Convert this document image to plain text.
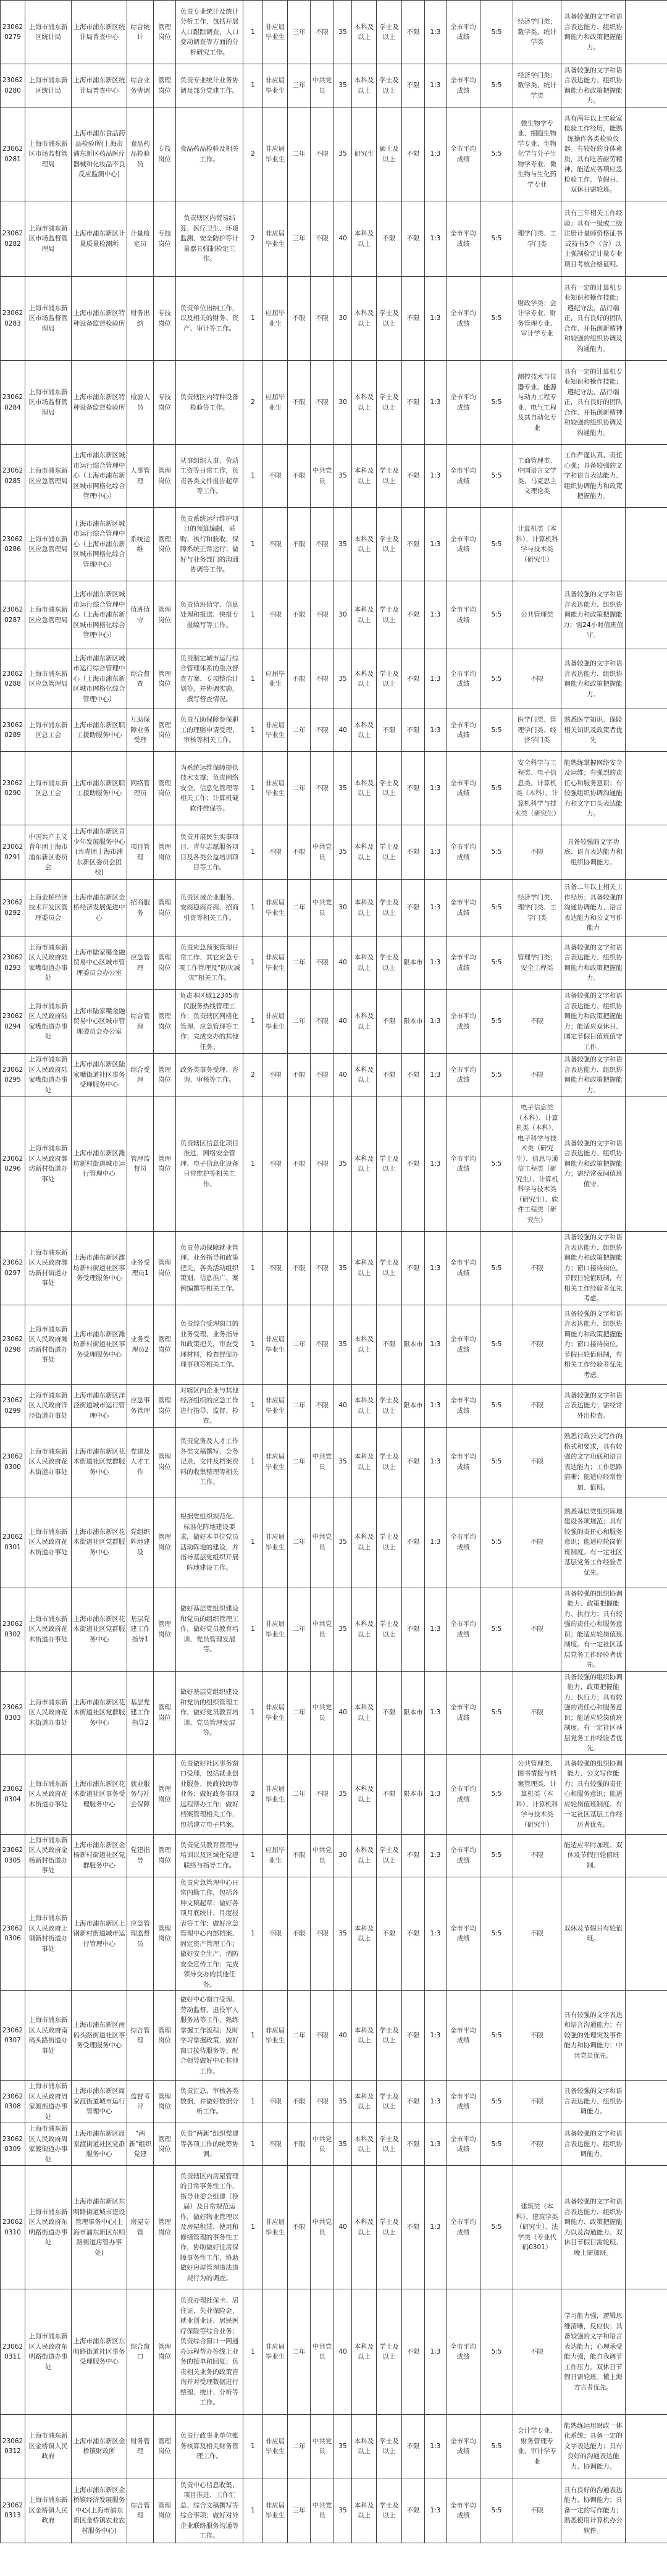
230620279	上海市浦东新区统计局	上海市浦东新区统计局普查中心	综合统计	管理岗位	负责专业统计及统计分析工作，包括开展人口跟踪调查、人口变动调查等方面的分析研究工作。	1	非应届毕业生	三年	不限	35	本科及以上	学士及以上	不限	1:3	全市平均成绩	5:5	经济学门类；数学类、统计学类	具备较强的文字和语言表达能力、组织协调能力和政策把握能力。	
230620280	上海市浦东新区统计局	上海市浦东新区统计局普查中心	综合业务协调	管理岗位	负责专业统计业务协调及部分党建工作。	1	非应届毕业生	三年	中共党员	35	本科及以上	学士及以上	不限	1:3	全市平均成绩	5:5	经济学门类；数学类、统计学类	具备较强的文字和语言表达能力、组织协调能力和政策把握能力。	
230620281	上海市浦东新区市场监督管理局	上海市浦东食品药品检验所(上海市浦东新区药品医疗器械和化妆品不良反应监测中心)	食品药品检验员	专技岗位	食品药品检验及相关工作。	2	非应届毕业生	二年	不限	35	研究生	硕士及以上	不限	1:3	全市平均成绩	5:5	微生物学专业、细胞生物学专业、生物化学与分子生物学专业、微生物与生化药学专业	具有两年以上实验室检验工作经历，能熟练操作各类检验仪器。有较好的身体素质，具有吃苦耐劳精神，能适应各项应急检验工作，节假日、双休日需轮班。	
230620282	上海市浦东新区市场监督管理局	上海市浦东新区计量质量检测所	计量检定员	专技岗位	负责辖区内贸易结算、医疗卫生、环境监测、安全防护等计量器具强制检定工作。	2	非应届毕业生	三年	不限	40	本科及以上	不限	不限	1:3	全市平均成绩	5:5	理学门类、工学门类	具有三年相关工作经验；具有一级或二级注册计量师资格证书或持有5个（含）以上强制检定计量专业项目考核合格证明。	
230620283	上海市浦东新区市场监督管理局	上海市浦东新区特种设备监督检验所	财务出纳	专技岗位	负责单位出纳工作，以及相关的财务、资产、审计等工作。	1	应届毕业生	不限	不限	30	本科及以上	学士及以上	不限	1:3	全市平均成绩	5:5	财政学类；会计学专业、财务管理专业、审计学专业	具有一定的计算机专业知识和操作技能；遵纪守法、品行端正，具有良好的团队合作、开拓创新精神和较强的组织协调及沟通能力。	
230620284	上海市浦东新区市场监督管理局	上海市浦东新区特种设备监督检验所	检验人员	专技岗位	负责辖区内特种设备检验等工作。	2	应届毕业生	不限	不限	30	本科及以上	学士及以上	不限	1:3	全市平均成绩	5:5	测控技术与仪器专业、能源与动力工程专业、电气工程及其自动化专业	具有一定的计算机专业知识和操作技能；遵纪守法、品行端正，具有良好的团队合作、开拓创新精神和较强的组织协调及沟通能力。	
230620285	上海市浦东新区应急管理局	上海市浦东新区城市运行综合管理中心（上海市浦东新区城市网格化综合管理中心）	人事管理	管理岗位	从事组织人事、劳动工资等日常工作，负责各类文件报告起草等工作。	1	不限	不限	中共党员	35	本科及以上	学士及以上	不限	1:3	全市平均成绩	5:5	工商管理类、中国语言文学类、马克思主义理论类	工作严谨认真、责任心强；具备较强的文字和语言表达能力、组织协调能力和政策把握能力。	
230620286	上海市浦东新区应急管理局	上海市浦东新区城市运行综合管理中心（上海市浦东新区城市网格化综合管理中心）	系统运维	管理岗位	负责系统运行维护项目的预算编制、采购、执行和验收；保障系统正常运行；做好与业务部门的沟通协调等工作。	1	不限	不限	不限	35	本科及以上	学士及以上	不限	1:3	全市平均成绩	5:5	计算机类（本科）、计算机科学与技术类（研究生）		
230620287	上海市浦东新区应急管理局	上海市浦东新区城市运行综合管理中心（上海市浦东新区城市网格化综合管理中心）	值班值守	管理岗位	负责值班值守、信息处理和报送、快报专报编写等工作。	1	不限	不限	不限	30	本科及以上	学士及以上	不限	1:3	全市平均成绩	5:5	公共管理类	具备较强的文字和语言表达能力、组织协调能力和政策把握能力；需24小时值班值守。	
230620288	上海市浦东新区应急管理局	上海市浦东新区城市运行综合管理中心（上海市浦东新区城市网格化综合管理中心）	综合督查	管理岗位	负责制定城市运行综合管理体系的重点督查方案、专项整治计划等，并协调实施，撰写督查情况。	1	应届毕业生	不限	不限	35	本科及以上	学士及以上	不限	1:3	全市平均成绩	5:5	不限	具备较强的文字和语言表达能力、组织协调能力和政策把握能力。	
230620289	上海市浦东新区总工会	上海市浦东新区职工援助服务中心	互助保障业务受理	管理岗位	负责互助保障参保职工的理赔申请受理、审核等相关工作。	1	非应届毕业生	二年	不限	40	本科及以上	不限	不限	1:3	全市平均成绩	5:5	医学门类、管理学门类、经济学门类	熟悉医学知识、保险相关知识及政策者优先	
230620290	上海市浦东新区总工会	上海市浦东新区职工援助服务中心	网络管理员	管理岗位	为系统运维保障提供技术支撑；负责网络安全、信息化管理等相关工作；计算机硬软件维保等。	1	非应届毕业生	二年	不限	35	本科及以上	学士及以上	不限	1:3	全市平均成绩	5:5	安全科学与工程类、电子信息类、计算机类（本科）、计算机科学与技术类（研究生）	能熟练掌握网络安全及运维；有强烈的责任心和服务意识；有较强组织协调沟通能力和文字口头表达能力。	
230620291	中国共产主义青年团上海市浦东新区委员会	上海市浦东新区青少年发展服务中心(共青团上海市浦东新区委员会团校)	项目管理	管理岗位	负责开展民生实事项目、青年志愿服务项目及各类公益培训项目等工作。	1	不限	不限	中共党员	35	本科及以上	学士及以上	不限	1:3	全市平均成绩	5:5	不限	具备较强的文字功底、语言表达能力和组织协调能力。	
230620292	上海金桥经济技术开发区管理委员会	上海市浦东新区金桥经济发展促进中心	招商服务	管理岗位	负责区域企业服务、安商稳商育商、招商引资等相关工作。	1	非应届毕业生	二年	中共党员	30	本科及以上	学士及以上	不限	1:3	全市平均成绩	5:5	经济学门类、理学门类、工学门类	具备二年以上相关工作经历；具备较强的沟通协调能力、语言表达能力和公文写作能力	
230620293	上海市浦东新区人民政府陆家嘴街道办事处	上海市陆家嘴金融贸易中心区城市管理委员会办公室	应急管理	管理岗位	负责应急预案管理日常工作、其它应急专项工作管理及“防灾减灾”相关工作。	1	非应届毕业生	二年	不限	40	本科及以上	学士及以上	限本市	1:3	全市平均成绩	5:5	管理学门类；安全工程类	具备较强的文字和语言表达能力、组织协调能力和政策把握能力。	
230620294	上海市浦东新区人民政府陆家嘴街道办事处	上海市陆家嘴金融贸易中心区城市管理委员会办公室	综合管理	管理岗位	负责本区域12345市民服务热线管理工作；负责辖区网格化管理、应急管理等工作；完成交办的其他任务。	1	非应届毕业生	二年	不限	40	本科及以上	不限	限本市	1:3	全市平均成绩	5:5	不限	具备较强的文字和语言表达能力、组织协调能力和政策把握能力；能适应双休日、国定节假日值班值守工作。	
230620295	上海市浦东新区人民政府陆家嘴街道办事处	上海市浦东新区陆家嘴街道社区事务受理服务中心	综合受理	管理岗位	政务类事务受理、咨询、审核等工作。	2	不限	不限	不限	40	本科及以上	不限	不限	1:3	全市平均成绩	5:5	不限	具备较强的文字和语言表达能力、组织协调能力和政策把握能力。	
230620296	上海市浦东新区人民政府潍坊新村街道办事处	上海市浦东新区潍坊新村街道城市运行管理中心	管理监督员	管理岗位	负责辖区信息化项目推进、网络安全管理、电子信息化设备日常维护等相关工作。	1	不限	不限	不限	35	本科及以上	学士及以上	不限	1:3	全市平均成绩	5:5	电子信息类（本科）、计算机类（本科）、电子科学与技术类（研究生）、信息与通信工程类（研究生）、计算机科学与技术类（研究生）、软件工程类（研究生）	具备较强的文字和语言表达能力、组织协调能力和政策把握能力；需经常夜间值班值守。	
230620297	上海市浦东新区人民政府潍坊新村街道办事处	上海市浦东新区潍坊新村街道社区事务受理服务中心	业务受理员1	管理岗位	负责劳动保障就业管理、业务指导和政策把关，各类活动组织策划、信息推广、案例编撰等相关工作。	1	不限	不限	不限	35	本科及以上	学士及以上	不限	1:3	全市平均成绩	5:5	不限	具备较强的文字和语言表达能力、组织协调能力和政策把握能力；窗口接待岗位，节假日轮值班制，有相关工作经验者优先考虑。	
230620298	上海市浦东新区人民政府潍坊新村街道办事处	上海市浦东新区潍坊新村街道社区事务受理服务中心	业务受理员2	管理岗位	负责综合受理窗口的业务受理、业务指导和政策把关，审查受理材料，检查督促办理事项等相关工作。	1	非应届毕业生	二年	不限	35	本科及以上	不限	限本市	1:3	全市平均成绩	5:5	不限	具备较强的文字和语言表达能力、组织协调能力和政策把握能力；窗口接待岗位，节假日轮值班制，有相关工作经验者优先考虑。	
230620299	上海市浦东新区人民政府洋泾街道办事处	上海市浦东新区洋泾街道城市运行管理中心	应急事务管理	管理岗位	对辖区内企业与其他经济组织的应急工作进行指导、监督、检查。	1	非应届毕业生	二年	不限	40	本科及以上	学士及以上	限本市	1:3	全市平均成绩	5:5	不限	具备较强的文字和语言表达能力；需经常外出检查。	
230620300	上海市浦东新区人民政府花木街道办事处	上海市浦东新区花木街道社区党群服务中心	党建及人才工作	管理岗位	负责党务及人才工作各类文稿撰写、会务记录、文件及档案资料的收集整理等相关工作。	1	非应届毕业生	二年	中共党员	35	本科及以上	学士及以上	不限	1:3	全市平均成绩	5:5	不限	熟悉行政公文写作的格式和要求，具有较强的文字功底和语言表达能力；工作思路清晰；能适应经常性加、值班。	
230620301	上海市浦东新区人民政府花木街道办事处	上海市浦东新区花木街道社区党群服务中心	党组织阵地建设	管理岗位	根据党组织规范化、标准化阵地建设要求，做好本单位党员活动阵地的建设，并指导基层党组织开展阵地建设工作。	1	非应届毕业生	二年	中共党员	35	本科及以上	学士及以上	不限	1:3	全市平均成绩	5:5	不限	熟悉基层党组织阵地建设各项规范；具有较强的责任心和服务意识；能适应轮岗值班制度。有一定社区基层党务工作经验者优先。	
230620302	上海市浦东新区人民政府花木街道办事处	上海市浦东新区花木街道社区党群服务中心	基层党建工作指导1	管理岗位	做好基层党组织建设和党员的组织管理工作，做好党员教育培训、党员管理发展等。	1	非应届毕业生	二年	中共党员	35	本科及以上	学士及以上	不限	1:3	全市平均成绩	5:5	不限	具备较强的组织协调能力、政策把握能力、执行力；具有较强的责任心和服务意识；能适应轮岗值班制度。有一定社区基层党务工作经验者优先。	
230620303	上海市浦东新区人民政府花木街道办事处	上海市浦东新区花木街道社区党群服务中心	基层党建工作指导2	管理岗位	做好基层党组织建设和党员的组织管理工作，做好党员教育培训、党员管理发展等。	1	非应届毕业生	二年	中共党员	40	本科及以上	不限	限本市	1:3	全市平均成绩	5:5	不限	具备较强的组织协调能力、政策把握能力、执行力；具有较强的责任心和服务意识；能适应轮岗值班制度。有一定社区基层党务工作经验者优先。	
230620304	上海市浦东新区人民政府花木街道办事处	上海市浦东新区花木街道社区事务受理服务中心	就业服务与社会保障	管理岗位	负责做好社区事务窗口受理，包括就业创业服务、民政救助等业务；做好政务事项远程帮办工作；做好档案管理相关工作，包括建立电子档案。	2	非应届毕业生	二年	不限	35	本科及以上	不限	限本市	1:3	全市平均成绩	5:5	公共管理类、图书情报与档案管理类、计算机类（本科）、计算机科学与技术类（研究生）	具备较强的组织协调能力、公文写作能力；具有较强的责任心和服务意识；能适应轮岗值班制度。有一定社区基层工作经历者优先。	
230620305	上海市浦东新区人民政府金杨新村街道办事处	上海市浦东新区金杨新村街道社区党群服务中心	党建指导	管理岗位	负责党员教育管理与培训以及区域化党建联络与指导工作。	1	应届毕业生	不限	中共党员	30	本科及以上	学士及以上	不限	1:3	全市平均成绩	5:5	不限	能适应平时加班、双休及节假日轮值班制。	
230620306	上海市浦东新区人民政府上钢新村街道办事处	上海市浦东新区上钢新村街道城市运行管理中心	应急管理监督员	管理岗位	负责应急管理中心日常内勤工作，包括各种文稿起草；做好各项月底统计、月度报表等工作；做好应急管理中心内部档案、固定资产管理工作；做好安全生产、消防安全宣传工作；完成领导交办的其他任务。	1	不限	不限	不限	35	本科及以上	不限	不限	1:3	全市平均成绩	5:5	不限	双休及节假日有轮值班。	
230620307	上海市浦东新区人民政府南码头路街道办事处	上海市浦东新区南码头路街道社区事务受理服务中心	综合管理	管理岗位	做好中心窗口受理、劳动监督、退役军人服务站等工作，熟练掌握工作流程；及时学习掌握政策，做好窗口接待服务等；配合领导做好中心其他工作。	1	非应届毕业生	二年	不限	40	本科及以上	学士及以上	不限	1:3	全市平均成绩	5:5	不限	具有较强的文字表达和语言沟通能力；有较强的处理突发事件能力和协调能力；中共党员优先。	
230620308	上海市浦东新区人民政府周家渡街道办事处	上海市浦东新区周家渡街道城市运行管理中心	监督考评	管理岗位	负责汇总、审核各类数据，并做好数据分析工作。	1	不限	不限	不限	35	本科及以上	学士及以上	不限	1:3	全市平均成绩	5:5	不限	具备较强的文字和语言表达能力、组织协调能力。	
230620309	上海市浦东新区人民政府周家渡街道办事处	上海市浦东新区周家渡街道社区党群服务中心	“两新”组织党建	管理岗位	负责“两新”组织党建等各项工作的统筹协调。	1	不限	不限	中共党员	35	本科及以上	学士及以上	不限	1:3	全市平均成绩	5:5	不限	具备较强的文字和语言表达能力、组织协调能力。	
230620310	上海市浦东新区人民政府东明路街道办事处	上海市浦东新区东明路街道城市建设管理事务中心(上海市浦东新区东明路街道房管办事处)	房屋专管	管理岗位	负责辖区内房屋管理的日常事务性工作，指导业委会组建（换届）及日常规范运作，做好物业管理以及房屋租赁、使用和修缮管理的事务性工作，协助做好住房保障事务性工作，协助做好房屋管理违法违规行为的调查。	1	非应届毕业生	不限	中共党员	40	本科及以上	学士及以上	不限	1:3	全市平均成绩	5:5	建筑类（本科）、建筑学类（研究生）、法学类（专业代码0301）	具备较强的文字和语言表达能力、组织协调能力、政策把握能力以及沟通能力。双休日节假日需轮班、晚上需加班。	
230620311	上海市浦东新区人民政府东明路街道办事处	上海市浦东新区东明路街道社区事务受理服务中心	综合窗口	管理岗位	负责办理社保卡、居住证、失业保险金、就业创业证、居民医疗保险等综合业务；负责综合窗口一网通办远程帮办等线上业务的接单和回复；负责相关业务的政策咨询并对受理数据进行整理、统计、分析等工作。	1	非应届毕业生	二年	中共党员	40	本科及以上	学士及以上	不限	1:3	全市平均成绩	5:5	不限	学习能力强，逻辑思维清晰，反应快；具备较强的文字和语言表达能力；心理承受能力强，能自我调节工作压力。双休日节假日需轮班。懂上海方言者优先。	
230620312	上海市浦东新区金桥镇人民政府	上海市浦东新区金桥镇财政所	财务管理	管理岗位	负责行政事业单位账务核算及相关财务管理工作。	1	非应届毕业生	二年	中共党员	35	本科及以上	学士及以上	不限	1:3	全市平均成绩	5:5	会计学专业、财务管理专业、审计学专业	能熟练运用财政一体化系统；具备一定的文字表达能力；具有良好的沟通表达能力、协调能力。	
230620313	上海市浦东新区金桥镇人民政府	上海市浦东新区金桥镇经济发展服务中心(上海市浦东新区金桥镇农业农村服务中心)	综合管理	管理岗位	负责中心信息收集、项目推进、工作汇总、综合文稿撰写等综合事项；做好对外企业联络服务沟通等工作。	1	非应届毕业生	三年	中共党员	35	本科及以上	学士及以上	不限	1:3	全市平均成绩	5:5	不限	具有良好的沟通表达能力、协调能力；具备一定的写作能力；熟悉使用计算机办公软件。	
